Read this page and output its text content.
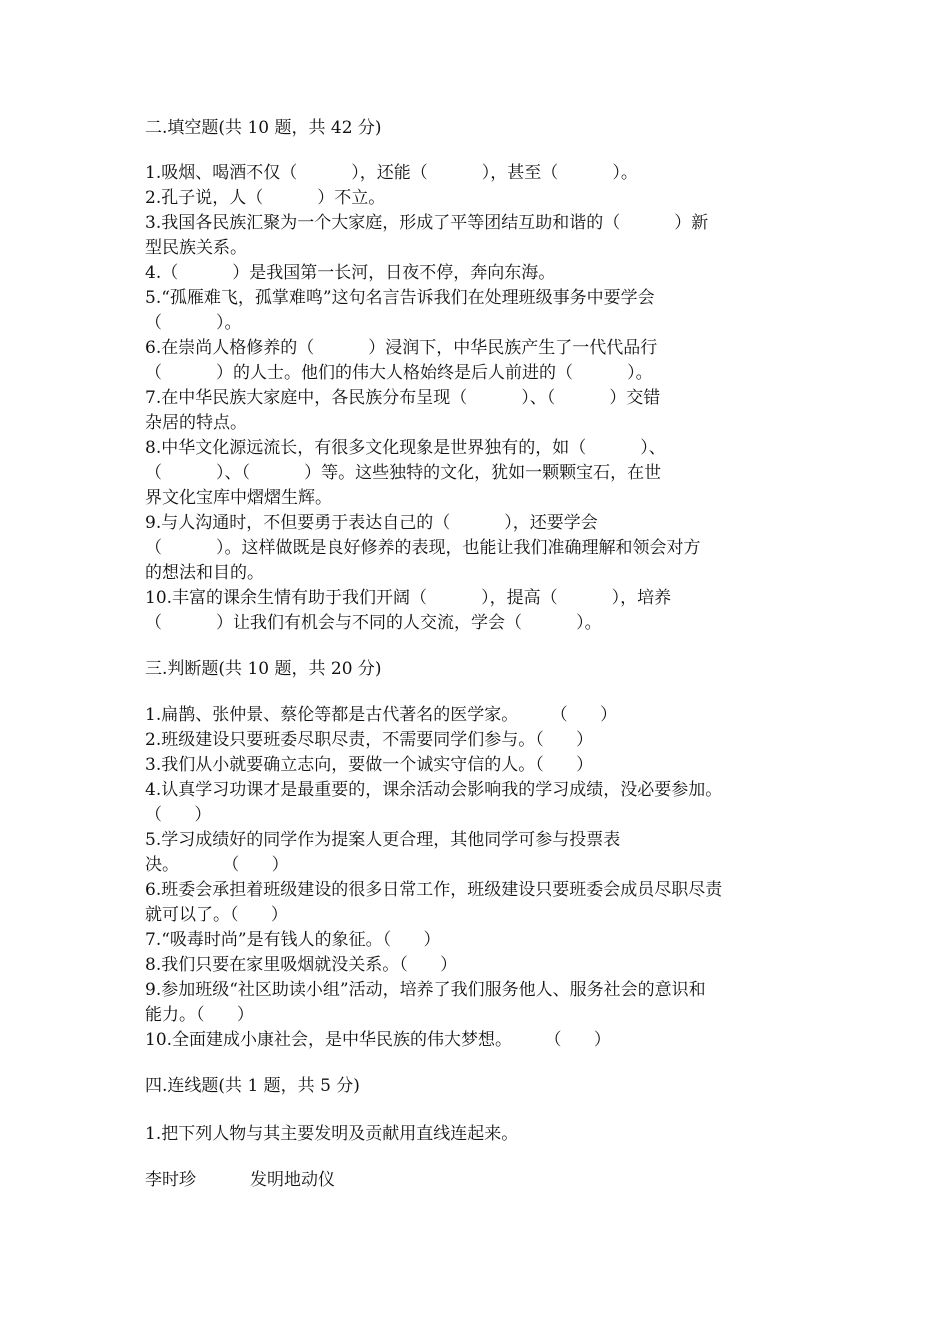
二.填空题(共 10 题，共 42 分)

1.吸烟、喝酒不仅（          ），还能（          ），甚至（          ）。

2.孔子说，人（          ）不立。

3.我国各民族汇聚为一个大家庭，形成了平等团结互助和谐的（          ）新

型民族关系。

4.（          ）是我国第一长河，日夜不停，奔向东海。

5.“孤雁难飞，孤掌难鸣”这句名言告诉我们在处理班级事务中要学会

（          ）。

6.在崇尚人格修养的（          ）浸润下，中华民族产生了一代代品行

（          ）的人士。他们的伟大人格始终是后人前进的（          ）。

7.在中华民族大家庭中，各民族分布呈现（          ）、（          ）交错

杂居的特点。

8.中华文化源远流长，有很多文化现象是世界独有的，如（          ）、

（          ）、（          ）等。这些独特的文化，犹如一颗颗宝石，在世

界文化宝库中熠熠生辉。

9.与人沟通时，不但要勇于表达自己的（          ），还要学会

（          ）。这样做既是良好修养的表现，也能让我们准确理解和领会对方

的想法和目的。

10.丰富的课余生情有助于我们开阔（          ），提高（          ），培养

（          ）让我们有机会与不同的人交流，学会（          ）。

三.判断题(共 10 题，共 20 分)

1.扁鹊、张仲景、蔡伦等都是古代著名的医学家。      （      ）

2.班级建设只要班委尽职尽责，不需要同学们参与。（      ）

3.我们从小就要确立志向，要做一个诚实守信的人。（      ）

4.认真学习功课才是最重要的，课余活动会影响我的学习成绩，没必要参加。

（      ）

5.学习成绩好的同学作为提案人更合理，其他同学可参与投票表

决。        （      ）

6.班委会承担着班级建设的很多日常工作，班级建设只要班委会成员尽职尽责

就可以了。（      ）

7.“吸毒时尚”是有钱人的象征。（      ）

8.我们只要在家里吸烟就没关系。（      ）

9.参加班级“社区助读小组”活动，培养了我们服务他人、服务社会的意识和

能力。（      ）

10.全面建成小康社会，是中华民族的伟大梦想。      （      ）

四.连线题(共 1 题，共 5 分)

1.把下列人物与其主要发明及贡献用直线连起来。

李时珍          发明地动仪
